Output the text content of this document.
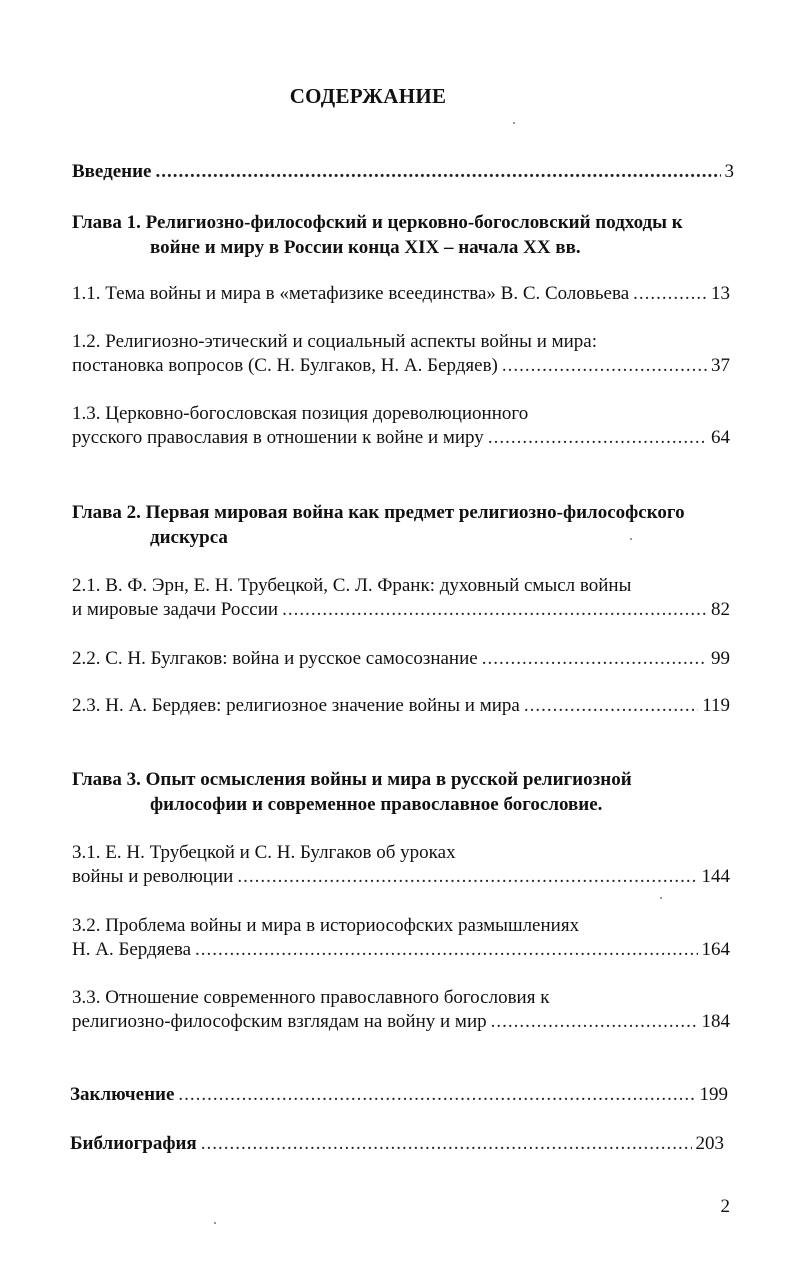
СОДЕРЖАНИЕ
Введение .....	3
Глава 1. Религиозно-философский и церковно-богословский подходы к
войне и миру в России конца XIX – начала XX вв.
1.1. Тема войны и мира в «метафизике всеединства» В. С. Соловьева .....	13
1.2. Религиозно-этический и социальный аспекты войны и мира:
постановка вопросов (С. Н. Булгаков, Н. А. Бердяев) .....	37
1.3. Церковно-богословская позиция дореволюционного
русского православия в отношении к войне и миру .....	64
Глава 2. Первая мировая война как предмет религиозно-философского
дискурса
2.1. В. Ф. Эрн, Е. Н. Трубецкой, С. Л. Франк: духовный смысл войны
и мировые задачи России .....	82
2.2. С. Н. Булгаков: война и русское самосознание .....	99
2.3. Н. А. Бердяев: религиозное значение войны и мира .....	119
Глава 3. Опыт осмысления войны и мира в русской религиозной
философии и современное православное богословие.
3.1. Е. Н. Трубецкой и С. Н. Булгаков об уроках
войны и революции .....	144
3.2. Проблема войны и мира в историософских размышлениях
Н. А. Бердяева .....	164
3.3. Отношение современного православного богословия к
религиозно-философским взглядам на войну и мир .....	184
Заключение .....	199
Библиография .....	203
2
